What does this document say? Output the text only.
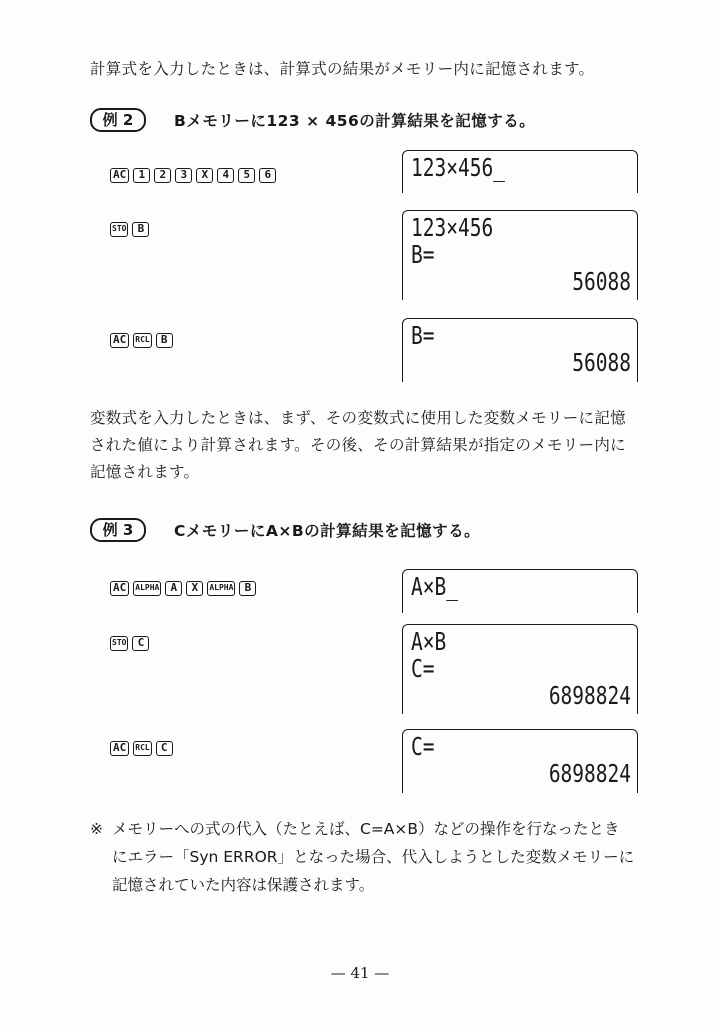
計算式を入力したときは、計算式の結果がメモリー内に記憶されます。
例 2	Bメモリーに123 × 456の計算結果を記憶する。
AC	1	2	3	X	4	5	6	123×456_
STO	B	123×456
B=
56088
AC	RCL	B	B=
56088
変数式を入力したときは、まず、その変数式に使用した変数メモリーに記憶
された値により計算されます。その後、その計算結果が指定のメモリー内に
記憶されます。
例 3	CメモリーにA×Bの計算結果を記憶する。
AC	ALPHA	A	X	ALPHA	B	A×B_
STO	C	A×B
C=
6898824
AC	RCL	C	C=
6898824
※ メモリーへの式の代入（たとえば、C=A×B）などの操作を行なったとき
にエラー「Syn ERROR」となった場合、代入しようとした変数メモリーに
記憶されていた内容は保護されます。
— 41 —
